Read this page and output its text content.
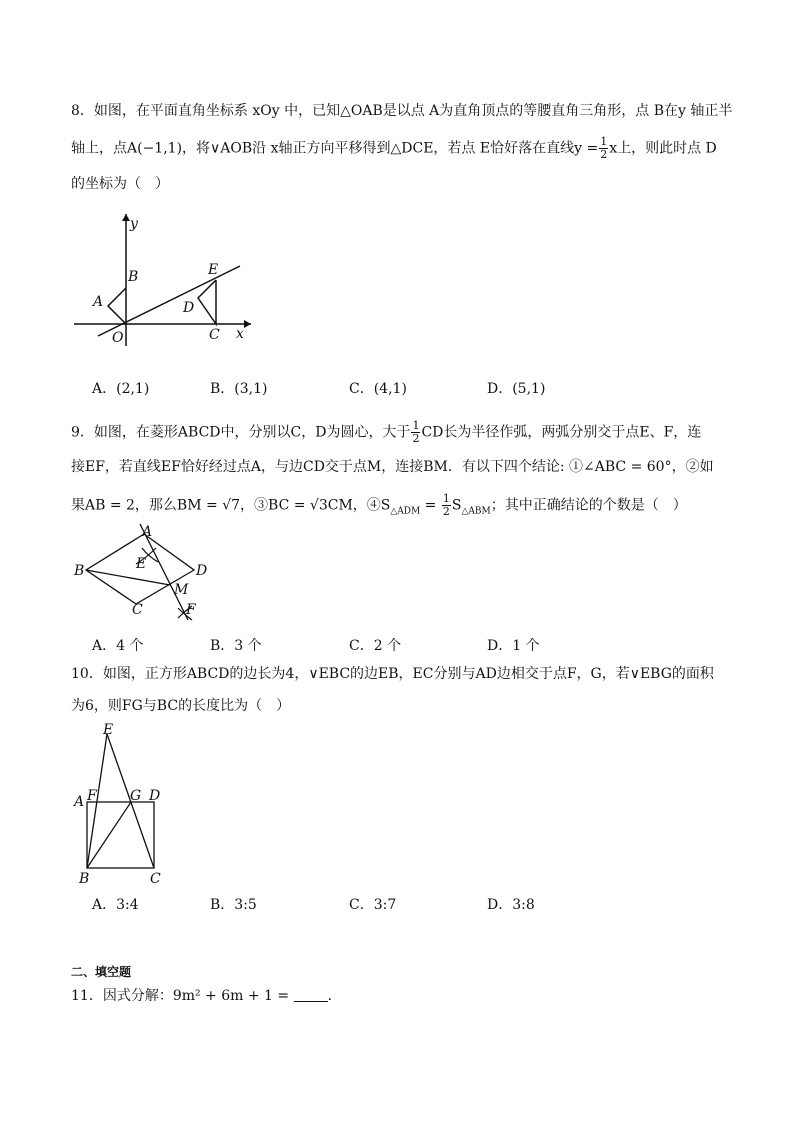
8．如图，在平面直角坐标系 xOy 中，已知△OAB是以点 A为直角顶点的等腰直角三角形，点 B在y 轴正半
轴上，点A(−1,1)，将∨AOB沿 x轴正方向平移得到△DCE，若点 E恰好落在直线$y = \frac{1}{2}$ x上，则此时点 D
的坐标为（　）
y
x
A
B
O
E
D
C
A．(2,1)	B．(3,1)	C．(4,1)	D．(5,1)
9．如图，在菱形ABCD中，分别以C，D为圆心，大于 $\frac{1}{2}$ CD长为半径作弧，两弧分别交于点E、F，连
接EF，若直线EF恰好经过点A，与边CD交于点M，连接BM．有以下四个结论: ①∠ABC = 60°，②如
果AB = 2，那么BM = √7，③BC = √3CM，$④S_{\triangle ADM} = \frac{1}{2} S_{\triangle ABM}$；其中正确结论的个数是（　）
A
B
C
D
E
M
F
A．4 个	B．3 个	C．2 个	D．1 个
10．如图，正方形ABCD的边长为4，∨EBC的边EB，EC分别与AD边相交于点F，G，若∨EBG的面积
为6，则FG与BC的长度比为（　）
E
A F G D
B	C
A．3:4	B．3:5	C．3:7	D．3:8
二、填空题
11．因式分解：9m² + 6m + 1 = ．
